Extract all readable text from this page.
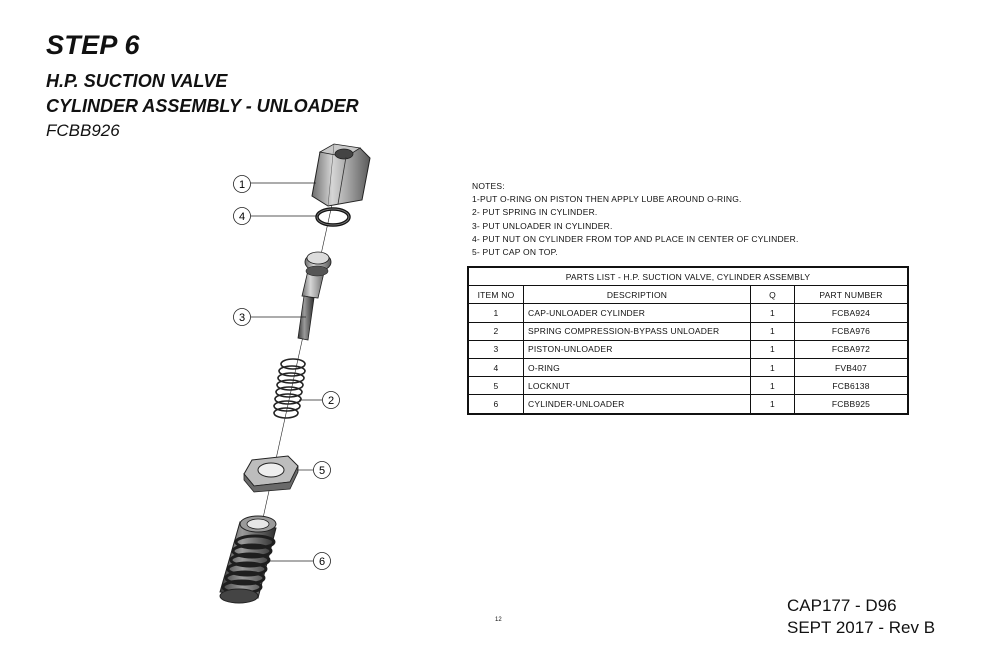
STEP 6
H.P. SUCTION VALVE
CYLINDER ASSEMBLY - UNLOADER
FCBB926
1
4
3
2
5
6
NOTES:
1-PUT O-RING ON PISTON THEN APPLY LUBE AROUND O-RING.
2- PUT SPRING IN CYLINDER.
3- PUT UNLOADER IN CYLINDER.
4- PUT NUT ON CYLINDER FROM TOP AND PLACE IN CENTER OF CYLINDER.
5- PUT CAP ON TOP.
PARTS LIST - H.P. SUCTION VALVE, CYLINDER ASSEMBLY			
ITEM NO	DESCRIPTION	Q	PART NUMBER
1	CAP-UNLOADER CYLINDER	1	FCBA924
2	SPRING COMPRESSION-BYPASS UNLOADER	1	FCBA976
3	PISTON-UNLOADER	1	FCBA972
4	O-RING	1	FVB407
5	LOCKNUT	1	FCB6138
6	CYLINDER-UNLOADER	1	FCBB925
12
CAP177 - D96
SEPT 2017 - Rev B
